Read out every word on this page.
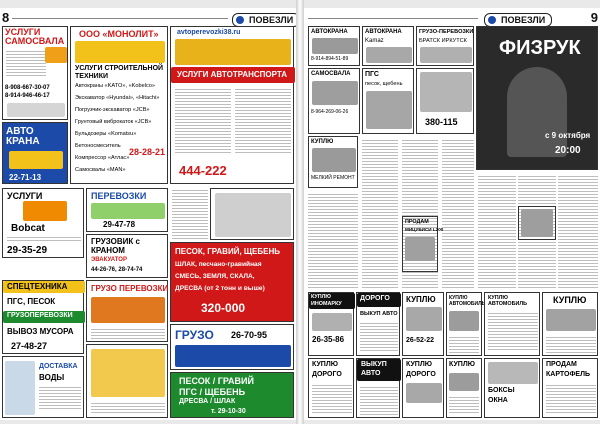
8	ПОВЕЗЛИ
УСЛУГИ САМОСВАЛА
8-908-667-30-07
8-914-946-46-17
ООО «МОНОЛИТ»
УСЛУГИ СТРОИТЕЛЬНОЙ ТЕХНИКИ
Автокраны «KATO», «Kobelco»
Экскаватор «Hyundai», «Hitachi»
Погрузчик-экскаватор «JCB»
Грунтовый виброкаток «JCB»
Бульдозеры «Komatsu»
Бетоносмеситель
Компрессор «Атлас»
Самосвалы «MAN»
28-28-21
АВТО КРАНА
22-71-13
avtoperevozki38.ru
УСЛУГИ АВТОТРАНСПОРТА
444-222
УСЛУГИ
Bobcat
29-35-29
ПЕРЕВОЗКИ
29-47-78
ГРУЗОВИК с КРАНОМ
ЭВАКУАТОР
44-26-76, 28-74-74
СПЕЦТЕХНИКА
ПГС, ПЕСОК
ГРУЗОПЕРЕВОЗКИ
ВЫВОЗ МУСОРА
27-48-27
ДОСТАВКА
ВОДЫ
ГРУЗО ПЕРЕВОЗКИ
ПЕСОК, ГРАВИЙ, ЩЕБЕНЬ
ШЛАК, песчано-гравийная
СМЕСЬ, ЗЕМЛЯ, СКАЛА,
ДРЕСВА (от 2 тонн и выше)
320-000
ГРУЗО 26-70-95
ПЕСОК / ГРАВИЙ
ПГС / ЩЕБЕНЬ
ДРЕСВА / ШЛАК
т. 29-10-30
ПОВЕЗЛИ	9
АВТОКРАНА
8-914-894-51-89
АВТОКРАНА
Kamaz
ГРУЗО-ПЕРЕВОЗКИ
БРАТСК ИРКУТСК
САМОСВАЛА
8-964-269-06-26
ПГС
песок, щебень
380-115
ФИЗРУК
с 9 октября
20:00
КУПЛЮ
МЕЛКИЙ РЕМОНТ
ПРОДАМ
МИЦУБИСИ L200
КУПЛЮ ИНОМАРКУ
26-35-86
ДОРОГО
ВЫКУП АВТО
КУПЛЮ
26-52-22
КУПЛЮ АВТОМОБИЛЬ
КУПЛЮ АВТОМОБИЛЬ	КУПЛЮ
КУПЛЮ
ДОРОГО
ВЫКУП
АВТО
КУПЛЮ
ДОРОГО
КУПЛЮ
БОКСЫ
ОКНА
ПРОДАМ
КАРТОФЕЛЬ
